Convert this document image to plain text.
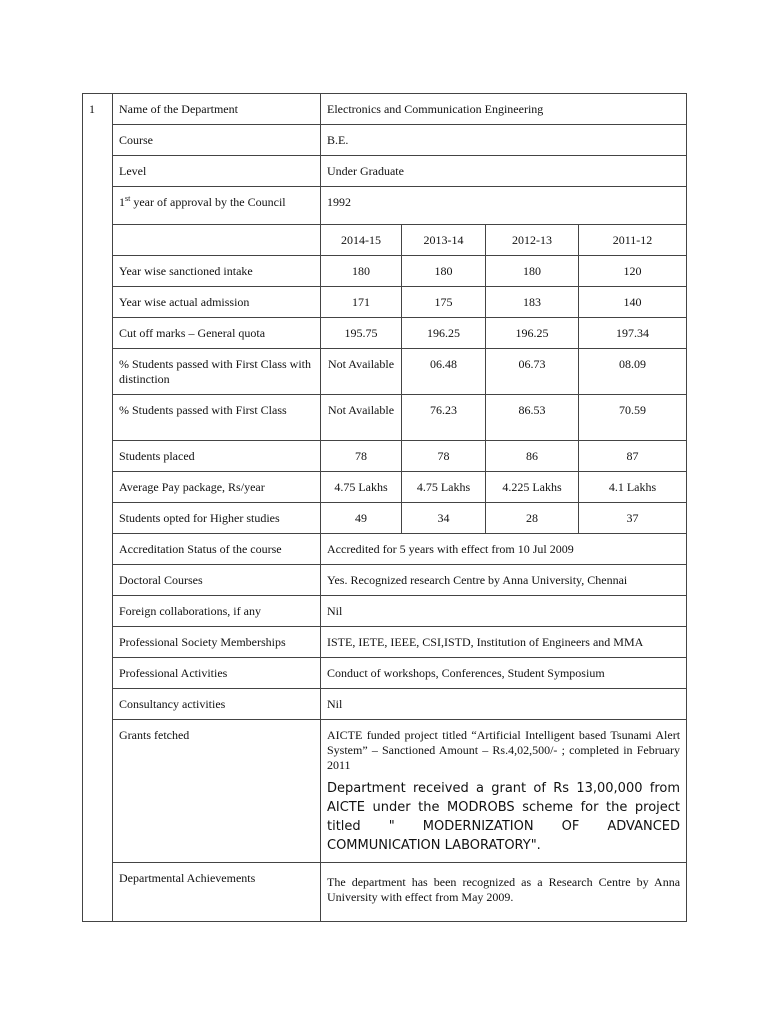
1	Name of the Department	Electronics and Communication Engineering			
	Course	B.E.			
	Level	Under Graduate			
	1st year of approval by the Council	1992			
		2014-15	2013-14	2012-13	2011-12
	Year wise sanctioned intake	180	180	180	120
	Year wise actual admission	171	175	183	140
	Cut off marks – General quota	195.75	196.25	196.25	197.34
	% Students passed with First Class with distinction	Not Available	06.48	06.73	08.09
	% Students passed with First Class	Not Available	76.23	86.53	70.59
	Students placed	78	78	86	87
	Average Pay package, Rs/year	4.75 Lakhs	4.75 Lakhs	4.225 Lakhs	4.1 Lakhs
	Students opted for Higher studies	49	34	28	37
	Accreditation Status of the course	Accredited for 5 years with effect from 10 Jul 2009			
	Doctoral Courses	Yes. Recognized research Centre by Anna University, Chennai			
	Foreign collaborations, if any	Nil			
	Professional Society Memberships	ISTE, IETE, IEEE, CSI,ISTD, Institution of Engineers and MMA			
	Professional Activities	Conduct of workshops, Conferences, Student Symposium			
	Consultancy activities	Nil			
	Grants fetched	AICTE funded project titled “Artificial Intelligent based Tsunami Alert System” – Sanctioned Amount – Rs.4,02,500/- ; completed in February 2011
Department received a grant of Rs 13,00,000 from AICTE under the MODROBS scheme for the project titled " MODERNIZATION OF ADVANCED COMMUNICATION LABORATORY".			

	Departmental Achievements	The department has been recognized as a Research Centre by Anna University with effect from May 2009.			
